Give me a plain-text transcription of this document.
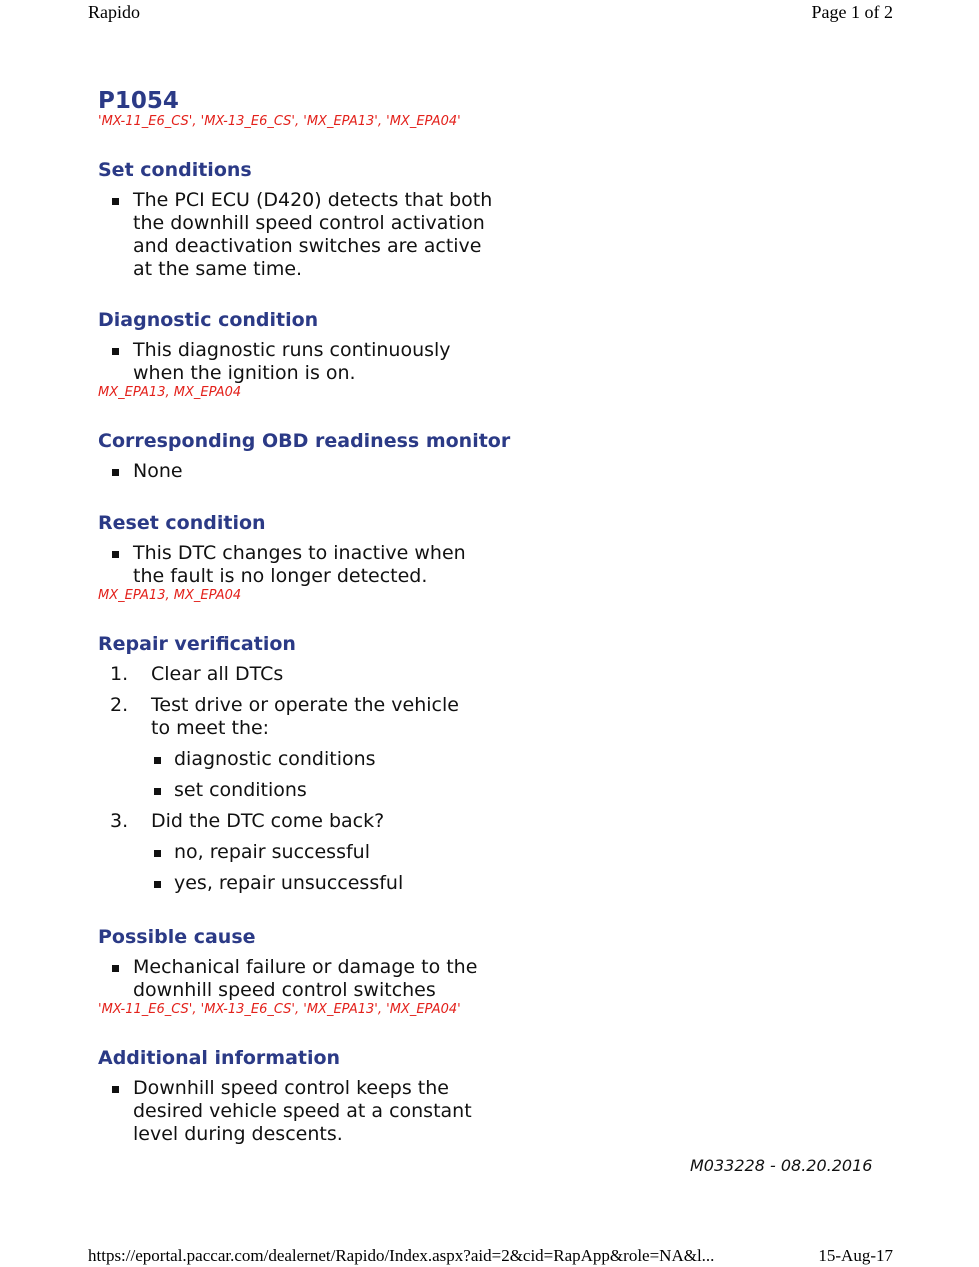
Rapido	Page 1 of 2
P1054

'MX-11_E6_CS', 'MX-13_E6_CS', 'MX_EPA13', 'MX_EPA04'

Set conditions
The PCI ECU (D420) detects that both the downhill speed control activation and deactivation switches are active at the same time.
Diagnostic condition
This diagnostic runs continuously when the ignition is on.

MX_EPA13, MX_EPA04

Corresponding OBD readiness monitor
None
Reset condition
This DTC changes to inactive when the fault is no longer detected.

MX_EPA13, MX_EPA04

Repair verification
1. Clear all DTCs
2. Test drive or operate the vehicle to meet the:
diagnostic conditions
set conditions
3. Did the DTC come back?
no, repair successful
yes, repair unsuccessful
Possible cause
Mechanical failure or damage to the downhill speed control switches

'MX-11_E6_CS', 'MX-13_E6_CS', 'MX_EPA13', 'MX_EPA04'

Additional information
Downhill speed control keeps the desired vehicle speed at a constant level during descents.
M033228 - 08.20.2016
https://eportal.paccar.com/dealernet/Rapido/Index.aspx?aid=2&cid=RapApp&role=NA&l...	15-Aug-17
